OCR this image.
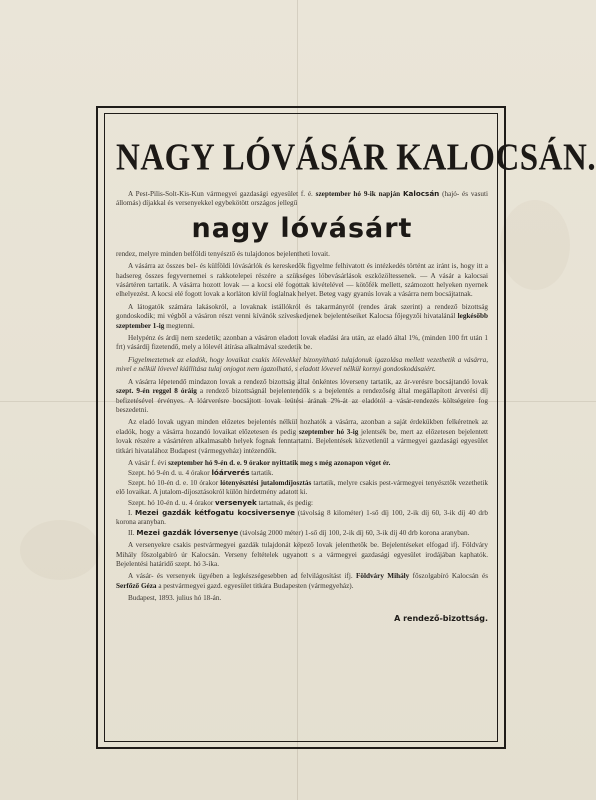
NAGY LÓVÁSÁR KALOCSÁN.

A Pest-Pilis-Solt-Kis-Kun vármegyei gazdasági egyesület f. é. szeptember hó 9-ik napján Kalocsán (hajó- és vasuti állomás) díjakkal és versenyekkel egybekötött országos jellegű

nagy lóvásárt

rendez, melyre minden belföldi tenyésztő és tulajdonos bejelentheti lovait.

A vásárra az összes bel- és külföldi lóvásárlók és kereskedők figyelme felhivatott és intézkedés történt az iránt is, hogy itt a hadsereg összes fegyvernemei s rakkotelepei részére a szükséges lóbevásárlások eszközöltessenek. — A vásár a kalocsai vásártéren tartatik. A vásárra hozott lovak — a kocsi elé fogottak kivételével — kötőfék mellett, számozott helyeken nyernek elhelyezést. A kocsi elé fogott lovak a korláton kívül foglalnak helyet. Beteg vagy gyanús lovak a vásárra nem bocsájtatnak.

A látogatók számára lakásokról, a lovaknak istállókról és takarmányról (rendes árak szerint) a rendező bizottság gondoskodik; mi végből a vásáron részt venni kívánók szíveskedjenek bejelentéseiket Kalocsa főjegyzői hivatalánál legkésőbb szeptember 1-ig megtenni.

Helypénz és árdíj nem szedetik; azonban a vásáron eladott lovak eladási ára után, az eladó által 1%, (minden 100 frt után 1 frt) vásárdíj fizetendő, mely a lólevél átírása alkalmával szedetik be.

Figyelmeztetnek az eladók, hogy lovaikat csakis lólevekkel bizonyítható tulajdonuk igazolása mellett vezethetik a vásárra, mivel e nélkül lóvevel kiállítása tulaj onjogot nem igazolható, s eladott lóvevel nélkül kornyi gondoskodásaiért.

A vásárra lépetendő mindazon lovak a rendező bizottság által önkéntes lóverseny tartatik, az ár-verésre bocsájtandó lovak szept. 9-én reggel 8 óráig a rendező bizottságnál bejelentendők s a bejelentés a rendezőség által megállapított árverési díj befizetésével érvényes. A lóárverésre bocsájtott lovak leütési árának 2%-át az eladótól a vásár-rendezés költségeire fog beszedetni.

Az eladó lovak ugyan minden előzetes bejelentés nélkül hozhatók a vásárra, azonban a saját érdekükben felkéretnek az eladók, hogy a vásárra hozandó lovaikat előzetesen és pedig szeptember hó 3-ig jelentsék be, mert az előzetesen bejelentett lovak részére a vásártéren alkalmasabb helyek fognak fenntartatni. Bejelentések közvetlenül a vármegyei gazdasági egyesület titkári hivatalához Budapest (vármegyeház) intézendők.

A vásár f. évi szeptember hó 9-én d. e. 9 órakor nyittatik meg s még azonapon véget ér.

Szept. hó 9-én d. u. 4 órakor lóárverés tartatik.

Szept. hó 10-én d. e. 10 órakor lótenyésztési jutalomdíjosztás tartatik, melyre csakis pest-vármegyei tenyésztők vezethetik elő lovaikat. A jutalom-díjosztásokról külön hirdetmény adatott ki.

Szept. hó 10-én d. u. 4 órakor versenyek tartatnak, és pedig:

I. Mezei gazdák kétfogatu kocsiversenye (távolság 8 kilométer) 1-ső díj 100, 2-ik díj 60, 3-ik díj 40 drb korona aranyban.

II. Mezei gazdák lóversenye (távolság 2000 méter) 1-ső díj 100, 2-ik díj 60, 3-ik díj 40 drb korona aranyban.

A versenyekre csakis pestvármegyei gazdák tulajdonát képező lovak jelenthetők be. Bejelentéseket elfogad ifj. Földváry Mihály főszolgabíró úr Kalocsán. Verseny feltételek ugyanott s a vármegyei gazdasági egyesület irodájában kaphatók. Bejelentési határidő szept. hó 3-ika.

A vásár- és versenyek ügyében a legkészségesebben ad felvilágosítást ifj. Földváry Mihály főszolgabíró Kalocsán és Serfőző Géza a pestvármegyei gazd. egyesület titkára Budapesten (vármegyeház).

Budapest, 1893. julius hó 18-án.

A rendező-bizottság.
